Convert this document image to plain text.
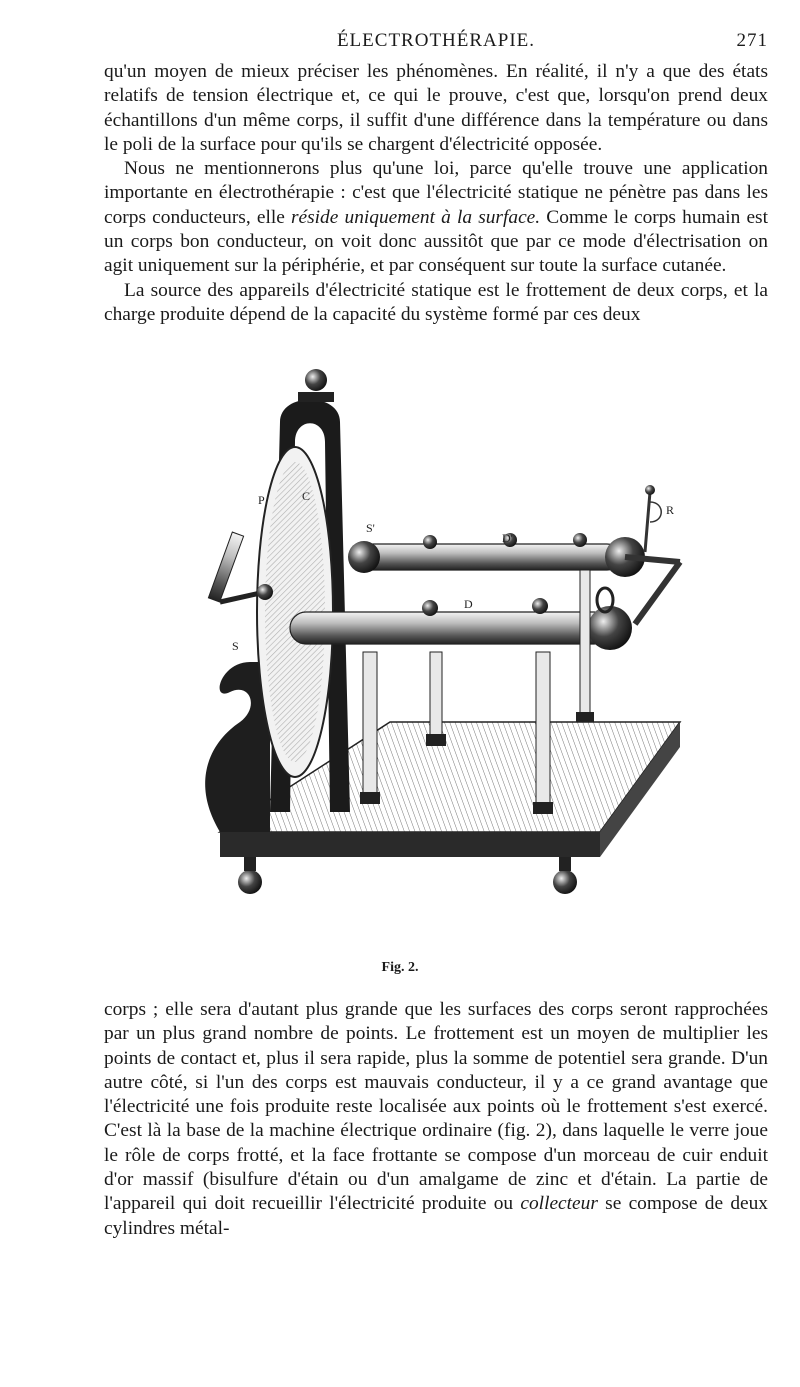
ÉLECTROTHÉRAPIE.	271

qu'un moyen de mieux préciser les phénomènes. En réalité, il n'y a que des états relatifs de tension électrique et, ce qui le prouve, c'est que, lorsqu'on prend deux échantillons d'un même corps, il suffit d'une différence dans la température ou dans le poli de la surface pour qu'ils se chargent d'électricité opposée.

Nous ne mentionnerons plus qu'une loi, parce qu'elle trouve une application importante en électrothérapie : c'est que l'électricité statique ne pénètre pas dans les corps conducteurs, elle réside uniquement à la surface. Comme le corps humain est un corps bon conducteur, on voit donc aussitôt que par ce mode d'électrisation on agit uniquement sur la périphérie, et par conséquent sur toute la surface cutanée.

La source des appareils d'électricité statique est le frottement de deux corps, et la charge produite dépend de la capacité du système formé par ces deux

P	C
S'
S
D'
D
R
Fig. 2.

corps ; elle sera d'autant plus grande que les surfaces des corps seront rapprochées par un plus grand nombre de points. Le frottement est un moyen de multiplier les points de contact et, plus il sera rapide, plus la somme de potentiel sera grande. D'un autre côté, si l'un des corps est mauvais conducteur, il y a ce grand avantage que l'électricité une fois produite reste localisée aux points où le frottement s'est exercé. C'est là la base de la machine électrique ordinaire (fig. 2), dans laquelle le verre joue le rôle de corps frotté, et la face frottante se compose d'un morceau de cuir enduit d'or massif (bisulfure d'étain ou d'un amalgame de zinc et d'étain. La partie de l'appareil qui doit recueillir l'électricité produite ou collecteur se compose de deux cylindres métal-
